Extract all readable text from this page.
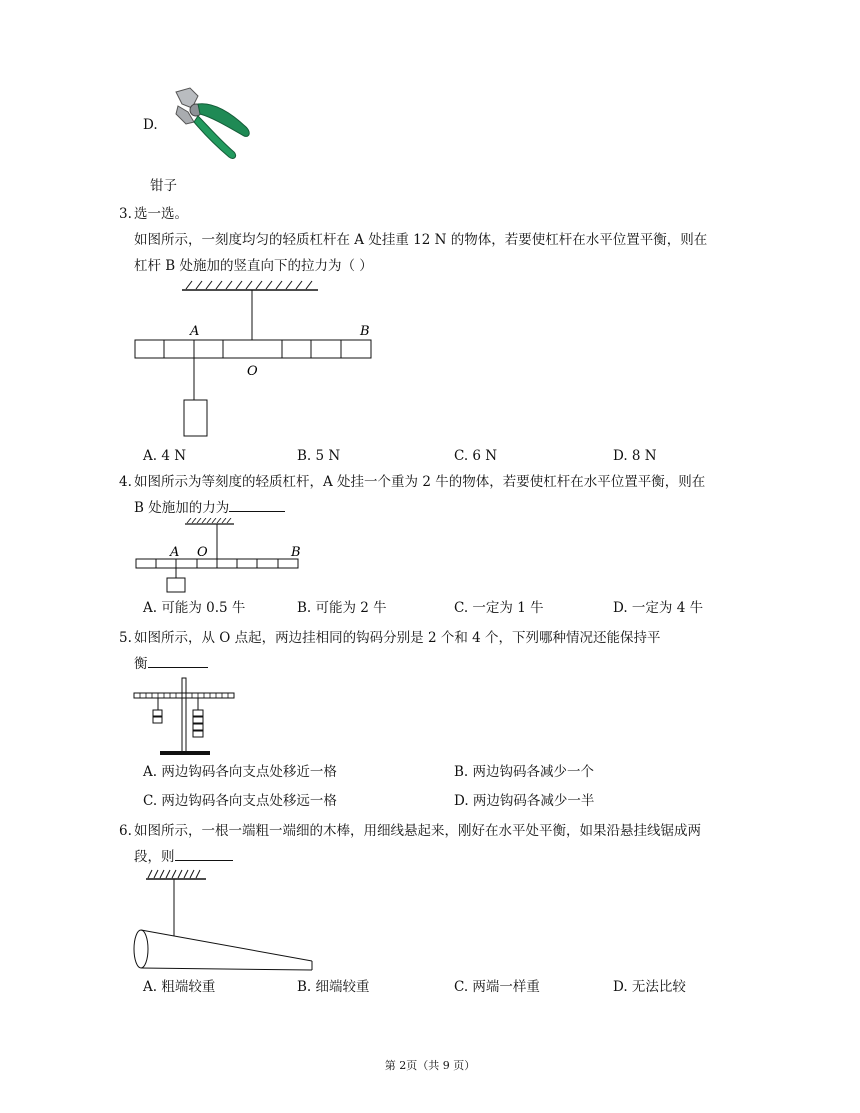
D.
钳子
3. 选一选。
如图所示，一刻度均匀的轻质杠杆在 A 处挂重 12 N 的物体，若要使杠杆在水平位置平衡，则在
杠杆 B 处施加的竖直向下的拉力为（ ）
A	B
O
A. 4 N	B. 5 N	C. 6 N	D. 8 N
4. 如图所示为等刻度的轻质杠杆，A 处挂一个重为 2 牛的物体，若要使杠杆在水平位置平衡，则在
B 处施加的力为
A O	B
A. 可能为 0.5 牛	B. 可能为 2 牛	C. 一定为 1 牛	D. 一定为 4 牛
5. 如图所示，从 O 点起，两边挂相同的钩码分别是 2 个和 4 个，下列哪种情况还能保持平
衡
A. 两边钩码各向支点处移近一格	B. 两边钩码各减少一个
C. 两边钩码各向支点处移远一格	D. 两边钩码各减少一半
6. 如图所示，一根一端粗一端细的木棒，用细线悬起来，刚好在水平处平衡，如果沿悬挂线锯成两
段，则
A. 粗端较重	B. 细端较重	C. 两端一样重	D. 无法比较
第 2页（共 9 页）
